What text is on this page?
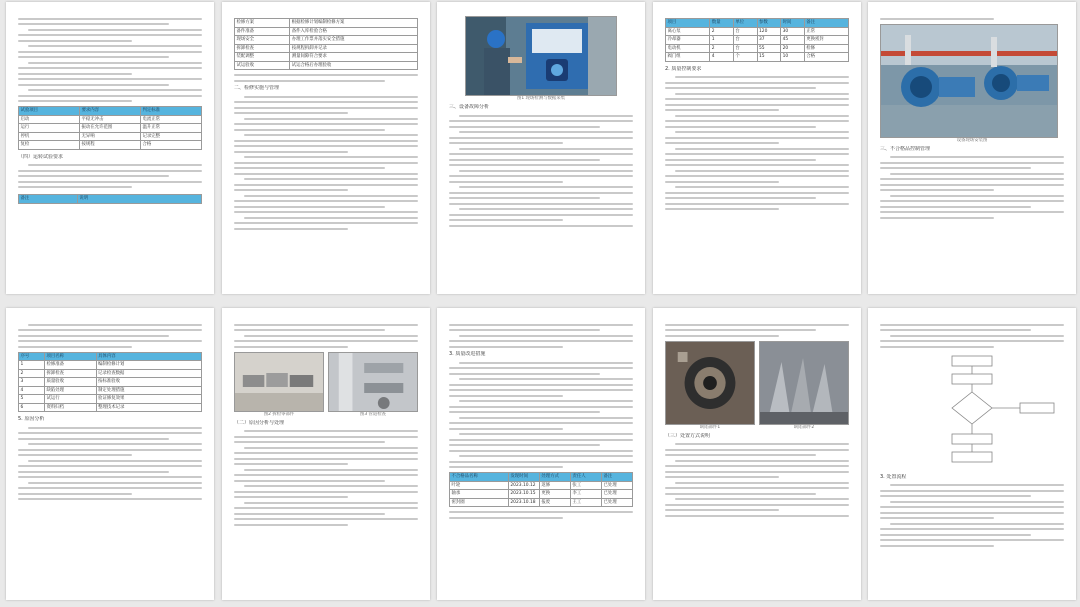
试验项目	要求内容	判定标准
启动	平稳无冲击	电流正常
运行	振动在允许范围	温升正常
停机	无异响	记录完整
复检	按规程	合格
（四）运转试验要求
备注	说明
检修方案	根据检修计划编制检修方案
备件准备	备件入库检验合格
现场安全	办理工作票并落实安全措施
拆卸检查	按规程拆卸并记录
装配调整	测量间隙符合要求
试运验收	试运合格后办理验收
二、检修实施与管理
图1 现场检测与数据采集
三、设备故障分析
项目	数量	单位	参数	时间	备注
离心泵	2	台	120	30	正常
冷却器	1	台	37	45	更换密封
电动机	2	台	55	20	检修
阀门组	4	个	15	10	合格
2. 质量控制要求
设备现场安装图
三、不合格品控制管理
序号	项目名称	具体内容
1	检修准备	编制检修计划
2	拆卸检查	记录检查数据
3	质量验收	按标准验收
4	缺陷处理	制定处理措施
5	试运行	验证修复效果
6	资料归档	整理技术记录
5. 原因分析
图2 拆检零部件	图3 管道检查
（二）原因分析与处理
3. 质量改进措施
不合格品名称	发现时间	处理方式	责任人	备注
叶轮	2023.10.12	返修	张工	已处理
轴承	2023.10.15	更换	李工	已处理
密封圈	2023.10.18	报废	王工	已处理
缺陷部件1	缺陷部件2
（三）处置方式说明
3. 处置流程
